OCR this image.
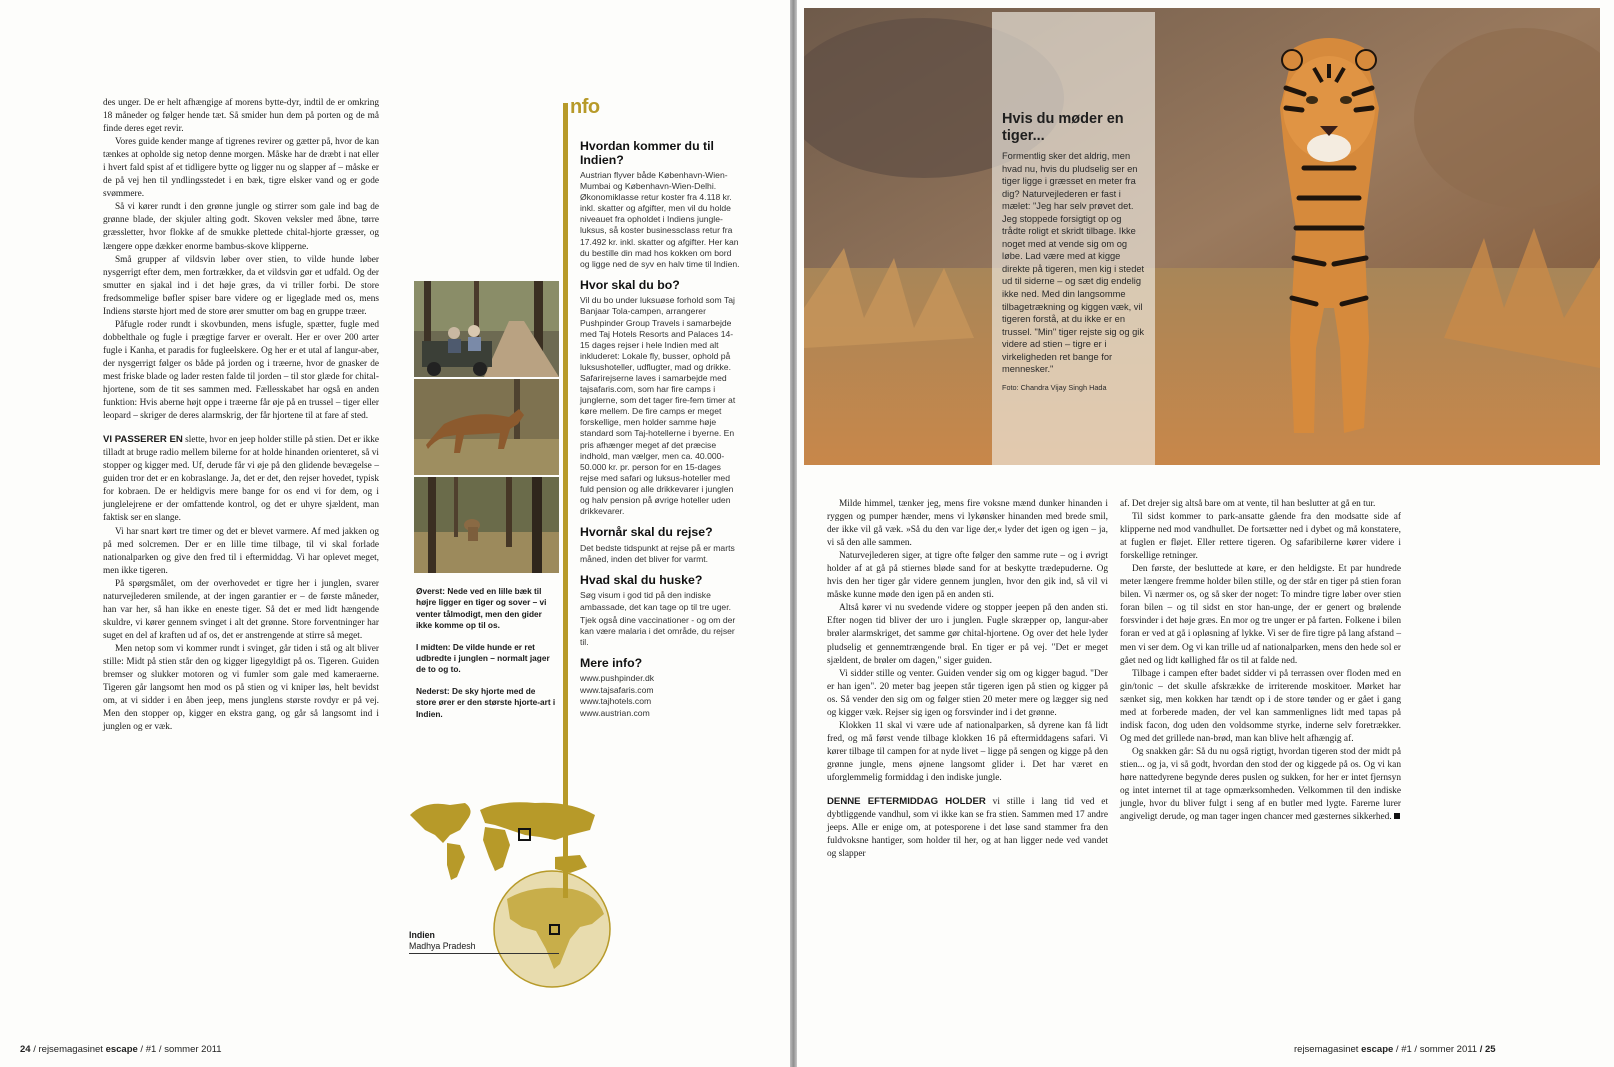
des unger. De er helt afhængige af morens bytte-dyr, indtil de er omkring 18 måneder og følger hende tæt. Så smider hun dem på porten og de må finde deres eget revir.

Vores guide kender mange af tigrenes revirer og gætter på, hvor de kan tænkes at opholde sig netop denne morgen. Måske har de dræbt i nat eller i hvert fald spist af et tidligere bytte og ligger nu og slapper af – måske er de på vej hen til yndlingsstedet i en bæk, tigre elsker vand og er gode svømmere.

Så vi kører rundt i den grønne jungle og stirrer som gale ind bag de grønne blade, der skjuler alting godt. Skoven veksler med åbne, tørre græssletter, hvor flokke af de smukke plettede chital-hjorte græsser, og længere oppe dækker enorme bambus-skove klipperne.

Små grupper af vildsvin løber over stien, to vilde hunde løber nysgerrigt efter dem, men fortrækker, da et vildsvin gør et udfald. Og der smutter en sjakal ind i det høje græs, da vi triller forbi. De store fredsommelige bøfler spiser bare videre og er ligeglade med os, mens Indiens største hjort med de store ører smutter om bag en gruppe træer.

Påfugle roder rundt i skovbunden, mens isfugle, spætter, fugle med dobbelthale og fugle i prægtige farver er overalt. Her er over 200 arter fugle i Kanha, et paradis for fugleelskere. Og her er et utal af langur-aber, der nysgerrigt følger os både på jorden og i træerne, hvor de gnasker de mest friske blade og lader resten falde til jorden – til stor glæde for chital-hjortene, som de tit ses sammen med. Fællesskabet har også en anden funktion: Hvis aberne højt oppe i træerne får øje på en trussel – tiger eller leopard – skriger de deres alarmskrig, der får hjortene til at fare af sted.

VI PASSERER EN slette, hvor en jeep holder stille på stien. Det er ikke tilladt at bruge radio mellem bilerne for at holde hinanden orienteret, så vi stopper og kigger med. Uf, derude får vi øje på den glidende bevægelse – guiden tror det er en kobraslange. Ja, det er det, den rejser hovedet, typisk for kobraen. De er heldigvis mere bange for os end vi for dem, og i junglelejrene er der omfattende kontrol, og det er uhyre sjældent, man faktisk ser en slange.

Vi har snart kørt tre timer og det er blevet varmere. Af med jakken og på med solcremen. Der er en lille time tilbage, til vi skal forlade nationalparken og give den fred til i eftermiddag. Vi har oplevet meget, men ikke tigeren.

På spørgsmålet, om der overhovedet er tigre her i junglen, svarer naturvejlederen smilende, at der ingen garantier er – de første måneder, han var her, så han ikke en eneste tiger. Så det er med lidt hængende skuldre, vi kører gennem svinget i alt det grønne. Store forventninger har suget en del af kraften ud af os, det er anstrengende at stirre så meget.

Men netop som vi kommer rundt i svinget, går tiden i stå og alt bliver stille: Midt på stien står den og kigger ligegyldigt på os. Tigeren. Guiden bremser og slukker motoren og vi fumler som gale med kameraerne. Tigeren går langsomt hen mod os på stien og vi kniper løs, helt bevidst om, at vi sidder i en åben jeep, mens junglens største rovdyr er på vej. Men den stopper op, kigger en ekstra gang, og går så langsomt ind i junglen og er væk.

Øverst: Nede ved en lille bæk til højre ligger en tiger og sover – vi venter tålmodigt, men den gider ikke komme op til os.
I midten: De vilde hunde er ret udbredte i junglen – normalt jager de to og to.
Nederst: De sky hjorte med de store ører er den største hjorte-art i Indien.
Indien
Madhya Pradesh
nfo
Hvordan kommer du til Indien?

Austrian flyver både København-Wien-Mumbai og København-Wien-Delhi. Økonomiklasse retur koster fra 4.118 kr. inkl. skatter og afgifter, men vil du holde niveauet fra opholdet i Indiens jungle-luksus, så koster businessclass retur fra 17.492 kr. inkl. skatter og afgifter. Her kan du bestille din mad hos kokken om bord og ligge ned de syv en halv time til Indien.

Hvor skal du bo?

Vil du bo under luksuøse forhold som Taj Banjaar Tola-campen, arrangerer Pushpinder Group Travels i samarbejde med Taj Hotels Resorts and Palaces 14-15 dages rejser i hele Indien med alt inkluderet: Lokale fly, busser, ophold på luksushoteller, udflugter, mad og drikke. Safarirejserne laves i samarbejde med tajsafaris.com, som har fire camps i junglerne, som det tager fire-fem timer at køre mellem. De fire camps er meget forskellige, men holder samme høje standard som Taj-hotellerne i byerne. En pris afhænger meget af det præcise indhold, man vælger, men ca. 40.000-50.000 kr. pr. person for en 15-dages rejse med safari og luksus-hoteller med fuld pension og alle drikkevarer i junglen og halv pension på øvrige hoteller uden drikkevarer.

Hvornår skal du rejse?

Det bedste tidspunkt at rejse på er marts måned, inden det bliver for varmt.

Hvad skal du huske?

Søg visum i god tid på den indiske ambassade, det kan tage op til tre uger.

Tjek også dine vaccinationer - og om der kan være malaria i det område, du rejser til.

Mere info?
www.pushpinder.dk
www.tajsafaris.com
www.tajhotels.com
www.austrian.com
24 / rejsemagasinet escape / #1 / sommer 2011
Hvis du møder en tiger...

Formentlig sker det aldrig, men hvad nu, hvis du pludselig ser en tiger ligge i græsset en meter fra dig? Naturvejlederen er fast i mælet: "Jeg har selv prøvet det. Jeg stoppede forsigtigt op og trådte roligt et skridt tilbage. Ikke noget med at vende sig om og løbe. Lad være med at kigge direkte på tigeren, men kig i stedet ud til siderne – og sæt dig endelig ikke ned. Med din langsomme tilbagetrækning og kiggen væk, vil tigeren forstå, at du ikke er en trussel. "Min" tiger rejste sig og gik videre ad stien – tigre er i virkeligheden ret bange for mennesker."

Foto: Chandra Vijay Singh Hada

Milde himmel, tænker jeg, mens fire voksne mænd dunker hinanden i ryggen og pumper hænder, mens vi lykønsker hinanden med brede smil, der ikke vil gå væk. »Så du den var lige der,« lyder det igen og igen – ja, vi så den alle sammen.

Naturvejlederen siger, at tigre ofte følger den samme rute – og i øvrigt holder af at gå på stiernes bløde sand for at beskytte trædepuderne. Og hvis den her tiger går videre gennem junglen, hvor den gik ind, så vil vi måske kunne møde den igen på en anden sti.

Altså kører vi nu svedende videre og stopper jeepen på den anden sti. Efter nogen tid bliver der uro i junglen. Fugle skræpper op, langur-aber brøler alarmskriget, det samme gør chital-hjortene. Og over det hele lyder pludselig et gennemtrængende brøl. En tiger er på vej. "Det er meget sjældent, de brøler om dagen," siger guiden.

Vi sidder stille og venter. Guiden vender sig om og kigger bagud. "Der er han igen". 20 meter bag jeepen står tigeren igen på stien og kigger på os. Så vender den sig om og følger stien 20 meter mere og lægger sig ned og kigger væk. Rejser sig igen og forsvinder ind i det grønne.

Klokken 11 skal vi være ude af nationalparken, så dyrene kan få lidt fred, og må først vende tilbage klokken 16 på eftermiddagens safari. Vi kører tilbage til campen for at nyde livet – ligge på sengen og kigge på den grønne jungle, mens øjnene langsomt glider i. Det har været en uforglemmelig formiddag i den indiske jungle.

DENNE EFTERMIDDAG HOLDER vi stille i lang tid ved et dybtliggende vandhul, som vi ikke kan se fra stien. Sammen med 17 andre jeeps. Alle er enige om, at potesporene i det løse sand stammer fra den fuldvoksne hantiger, som holder til her, og at han ligger nede ved vandet og slapper

af. Det drejer sig altså bare om at vente, til han beslutter at gå en tur.

Til sidst kommer to park-ansatte gående fra den modsatte side af klipperne ned mod vandhullet. De fortsætter ned i dybet og må konstatere, at fuglen er fløjet. Eller rettere tigeren. Og safaribilerne kører videre i forskellige retninger.

Den første, der besluttede at køre, er den heldigste. Et par hundrede meter længere fremme holder bilen stille, og der står en tiger på stien foran bilen. Vi nærmer os, og så sker der noget: To mindre tigre løber over stien foran bilen – og til sidst en stor han-unge, der er genert og brølende forsvinder i det høje græs. En mor og tre unger er på farten. Folkene i bilen foran er ved at gå i opløsning af lykke. Vi ser de fire tigre på lang afstand – men vi ser dem. Og vi kan trille ud af nationalparken, mens den hede sol er gået ned og lidt køllighed får os til at falde ned.

Tilbage i campen efter badet sidder vi på terrassen over floden med en gin/tonic – det skulle afskrække de irriterende moskitoer. Mørket har sænket sig, men kokken har tændt op i de store tønder og er gået i gang med at forberede maden, der vel kan sammenlignes lidt med tapas på indisk facon, dog uden den voldsomme styrke, inderne selv foretrækker. Og med det grillede nan-brød, man kan blive helt afhængig af.

Og snakken går: Så du nu også rigtigt, hvordan tigeren stod der midt på stien... og ja, vi så godt, hvordan den stod der og kiggede på os. Og vi kan høre nattedyrene begynde deres puslen og sukken, for her er intet fjernsyn og intet internet til at tage opmærksomheden. Velkommen til den indiske jungle, hvor du bliver fulgt i seng af en butler med lygte. Farerne lurer angiveligt derude, og man tager ingen chancer med gæsternes sikkerhed.

rejsemagasinet escape / #1 / sommer 2011 / 25
